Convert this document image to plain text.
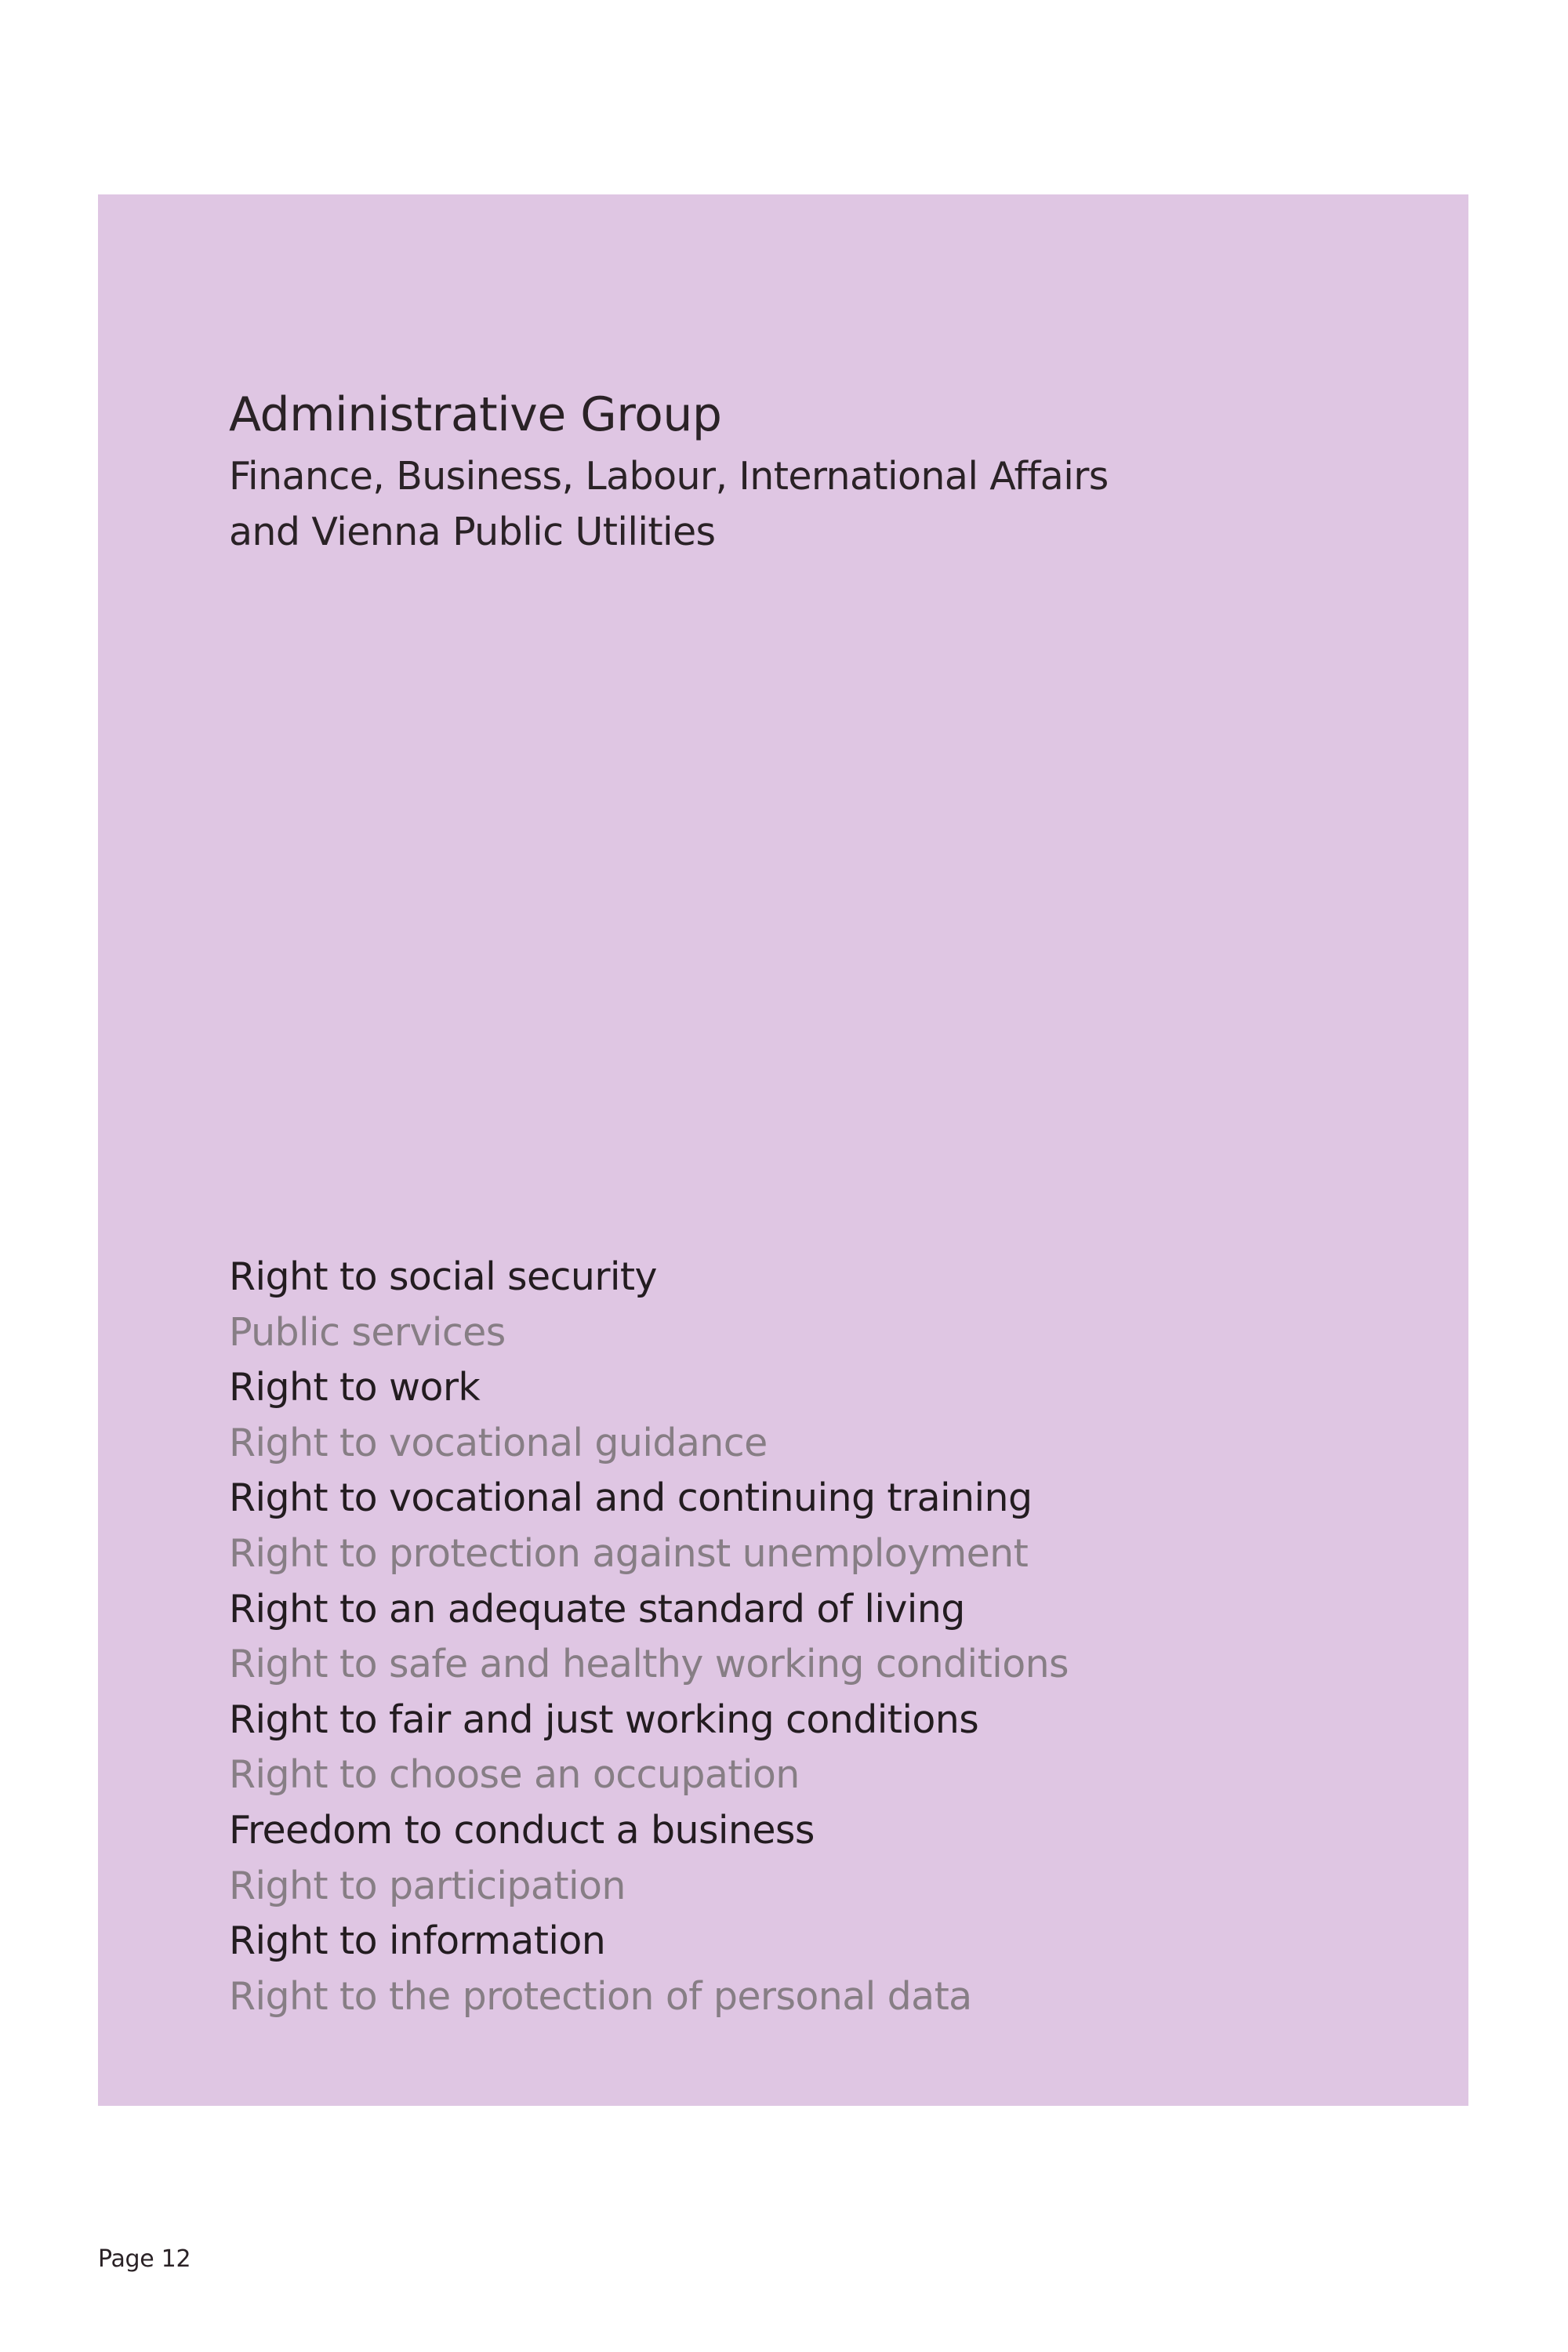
Administrative Group

Finance, Business, Labour, International Affairs and Vienna Public Utilities

Right to social security
Public services
Right to work
Right to vocational guidance
Right to vocational and continuing training
Right to protection against unemployment
Right to an adequate standard of living
Right to safe and healthy working conditions
Right to fair and just working conditions
Right to choose an occupation
Freedom to conduct a business
Right to participation
Right to information
Right to the protection of personal data
Page 12
